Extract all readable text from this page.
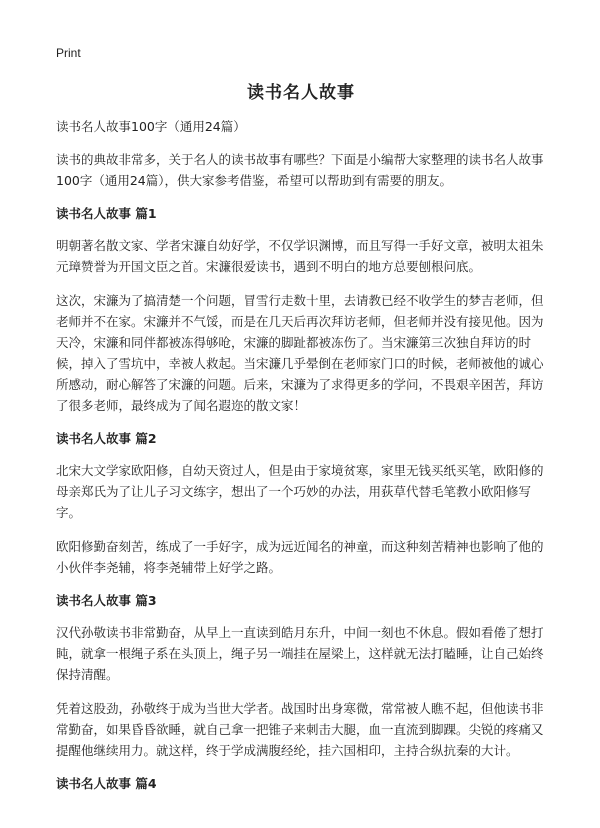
Print
读书名人故事
读书名人故事100字（通用24篇）
读书的典故非常多，关于名人的读书故事有哪些？下面是小编帮大家整理的读书名人故事100字（通用24篇），供大家参考借鉴，希望可以帮助到有需要的朋友。
读书名人故事 篇1
明朝著名散文家、学者宋濂自幼好学，不仅学识渊博，而且写得一手好文章，被明太祖朱元璋赞誉为开国文臣之首。宋濂很爱读书，遇到不明白的地方总要刨根问底。
这次，宋濂为了搞清楚一个问题，冒雪行走数十里，去请教已经不收学生的梦吉老师，但老师并不在家。宋濂并不气馁，而是在几天后再次拜访老师，但老师并没有接见他。因为天冷，宋濂和同伴都被冻得够呛，宋濂的脚趾都被冻伤了。当宋濂第三次独自拜访的时候，掉入了雪坑中，幸被人救起。当宋濂几乎晕倒在老师家门口的时候，老师被他的诚心所感动，耐心解答了宋濂的问题。后来，宋濂为了求得更多的学问，不畏艰辛困苦，拜访了很多老师，最终成为了闻名遐迩的散文家！
读书名人故事 篇2
北宋大文学家欧阳修，自幼天资过人，但是由于家境贫寒，家里无钱买纸买笔，欧阳修的母亲郑氏为了让儿子习文练字，想出了一个巧妙的办法，用荻草代替毛笔教小欧阳修写字。
欧阳修勤奋刻苦，练成了一手好字，成为远近闻名的神童，而这种刻苦精神也影响了他的小伙伴李尧辅，将李尧辅带上好学之路。
读书名人故事 篇3
汉代孙敬读书非常勤奋，从早上一直读到皓月东升，中间一刻也不休息。假如看倦了想打盹，就拿一根绳子系在头顶上，绳子另一端挂在屋梁上，这样就无法打瞌睡，让自己始终保持清醒。
凭着这股劲，孙敬终于成为当世大学者。战国时出身寒微，常常被人瞧不起，但他读书非常勤奋，如果昏昏欲睡，就自己拿一把锥子来刺击大腿，血一直流到脚踝。尖锐的疼痛又提醒他继续用力。就这样，终于学成满腹经纶，挂六国相印，主持合纵抗秦的大计。
读书名人故事 篇4
